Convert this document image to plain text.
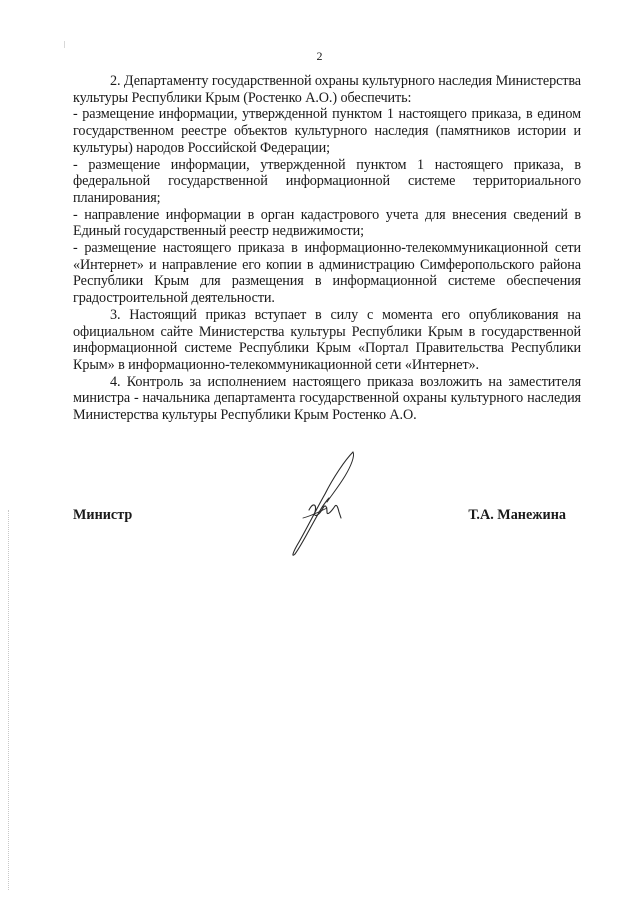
2

2. Департаменту государственной охраны культурного наследия Министерства культуры Республики Крым (Ростенко А.О.) обеспечить:

- размещение информации, утвержденной пунктом 1 настоящего приказа, в едином государственном реестре объектов культурного наследия (памятников истории и культуры) народов Российской Федерации;

- размещение информации, утвержденной пунктом 1 настоящего приказа, в федеральной государственной информационной системе территориального планирования;

- направление информации в орган кадастрового учета для внесения сведений в Единый государственный реестр недвижимости;

- размещение настоящего приказа в информационно-телекоммуникационной сети «Интернет» и направление его копии в администрацию Симферопольского района Республики Крым для размещения в информационной системе обеспечения градостроительной деятельности.

3. Настоящий приказ вступает в силу с момента его опубликования на официальном сайте Министерства культуры Республики Крым в государственной информационной системе Республики Крым «Портал Правительства Республики Крым» в информационно-телекоммуникационной сети «Интернет».

4. Контроль за исполнением настоящего приказа возложить на заместителя министра - начальника департамента государственной охраны культурного наследия Министерства культуры Республики Крым Ростенко А.О.

Министр	Т.А. Манежина
